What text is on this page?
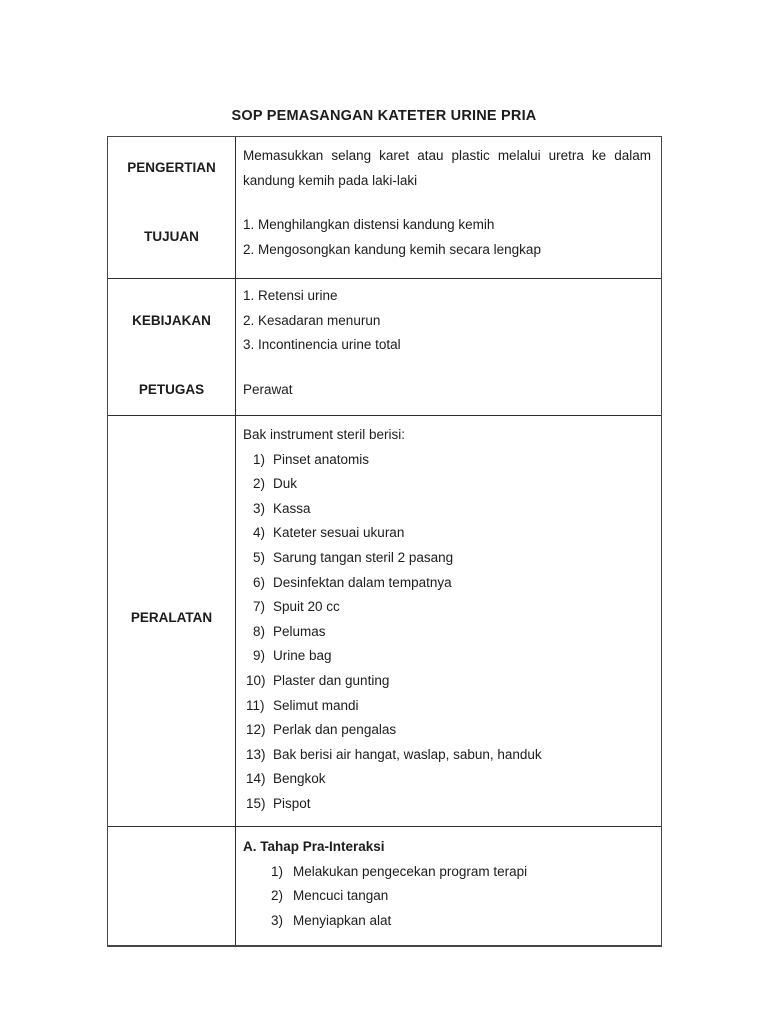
SOP PEMASANGAN KATETER URINE PRIA
PENGERTIAN
TUJUAN
Memasukkan selang karet atau plastic melalui uretra ke dalam kandung kemih pada laki-laki
1. Menghilangkan distensi kandung kemih
2. Mengosongkan kandung kemih secara lengkap
KEBIJAKAN
PETUGAS
1. Retensi urine
2. Kesadaran menurun
3. Incontinencia urine total
Perawat
PERALATAN
Bak instrument steril berisi:
1) Pinset anatomis
2) Duk
3) Kassa
4) Kateter sesuai ukuran
5) Sarung tangan steril 2 pasang
6) Desinfektan dalam tempatnya
7) Spuit 20 cc
8) Pelumas
9) Urine bag
10) Plaster dan gunting
11) Selimut mandi
12) Perlak dan pengalas
13) Bak berisi air hangat, waslap, sabun, handuk
14) Bengkok
15) Pispot
A. Tahap Pra-Interaksi
1) Melakukan pengecekan program terapi
2) Mencuci tangan
3) Menyiapkan alat
